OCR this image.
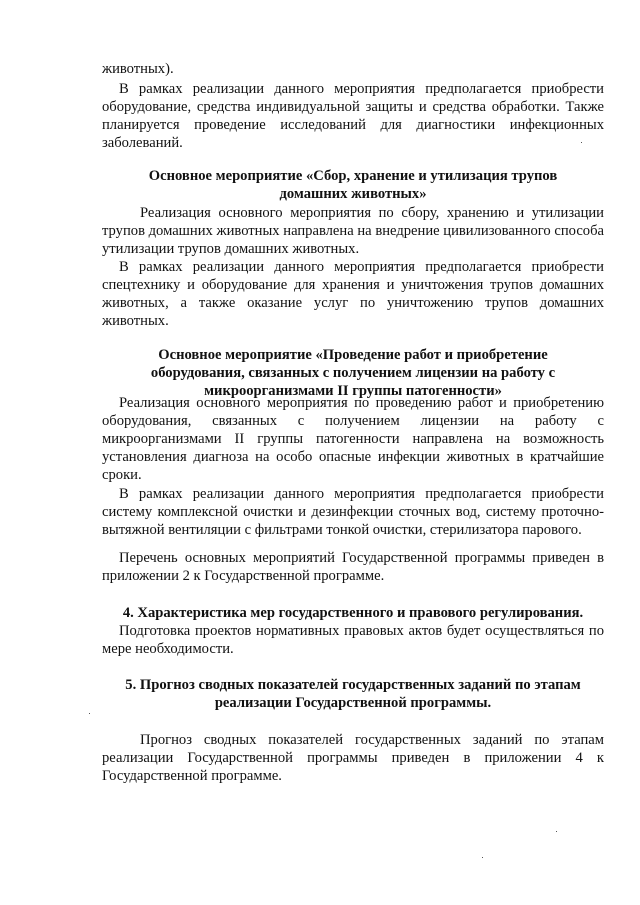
животных).

В рамках реализации данного мероприятия предполагается приобрести оборудование, средства индивидуальной защиты и средства обработки. Также планируется проведение исследований для диагностики инфекционных заболеваний.

Основное мероприятие «Сбор, хранение и утилизация трупов домашних животных»

Реализация основного мероприятия по сбору, хранению и утилизации трупов домашних животных направлена на внедрение цивилизованного способа утилизации трупов домашних животных.

В рамках реализации данного мероприятия предполагается приобрести спецтехнику и оборудование для хранения и уничтожения трупов домашних животных, а также оказание услуг по уничтожению трупов домашних животных.

Основное мероприятие «Проведение работ и приобретение оборудования, связанных с получением лицензии на работу с микроорганизмами II группы патогенности»

Реализация основного мероприятия по проведению работ и приобретению оборудования, связанных с получением лицензии на работу с микроорганизмами II группы патогенности направлена на возможность установления диагноза на особо опасные инфекции животных в кратчайшие сроки.

В рамках реализации данного мероприятия предполагается приобрести систему комплексной очистки и дезинфекции сточных вод, систему проточно-вытяжной вентиляции с фильтрами тонкой очистки, стерилизатора парового.

Перечень основных мероприятий Государственной программы приведен в приложении 2 к Государственной программе.

4. Характеристика мер государственного и правового регулирования.

Подготовка проектов нормативных правовых актов будет осуществляться по мере необходимости.

5. Прогноз сводных показателей государственных заданий по этапам реализации Государственной программы.

Прогноз сводных показателей государственных заданий по этапам реализации Государственной программы приведен в приложении 4 к Государственной программе.
